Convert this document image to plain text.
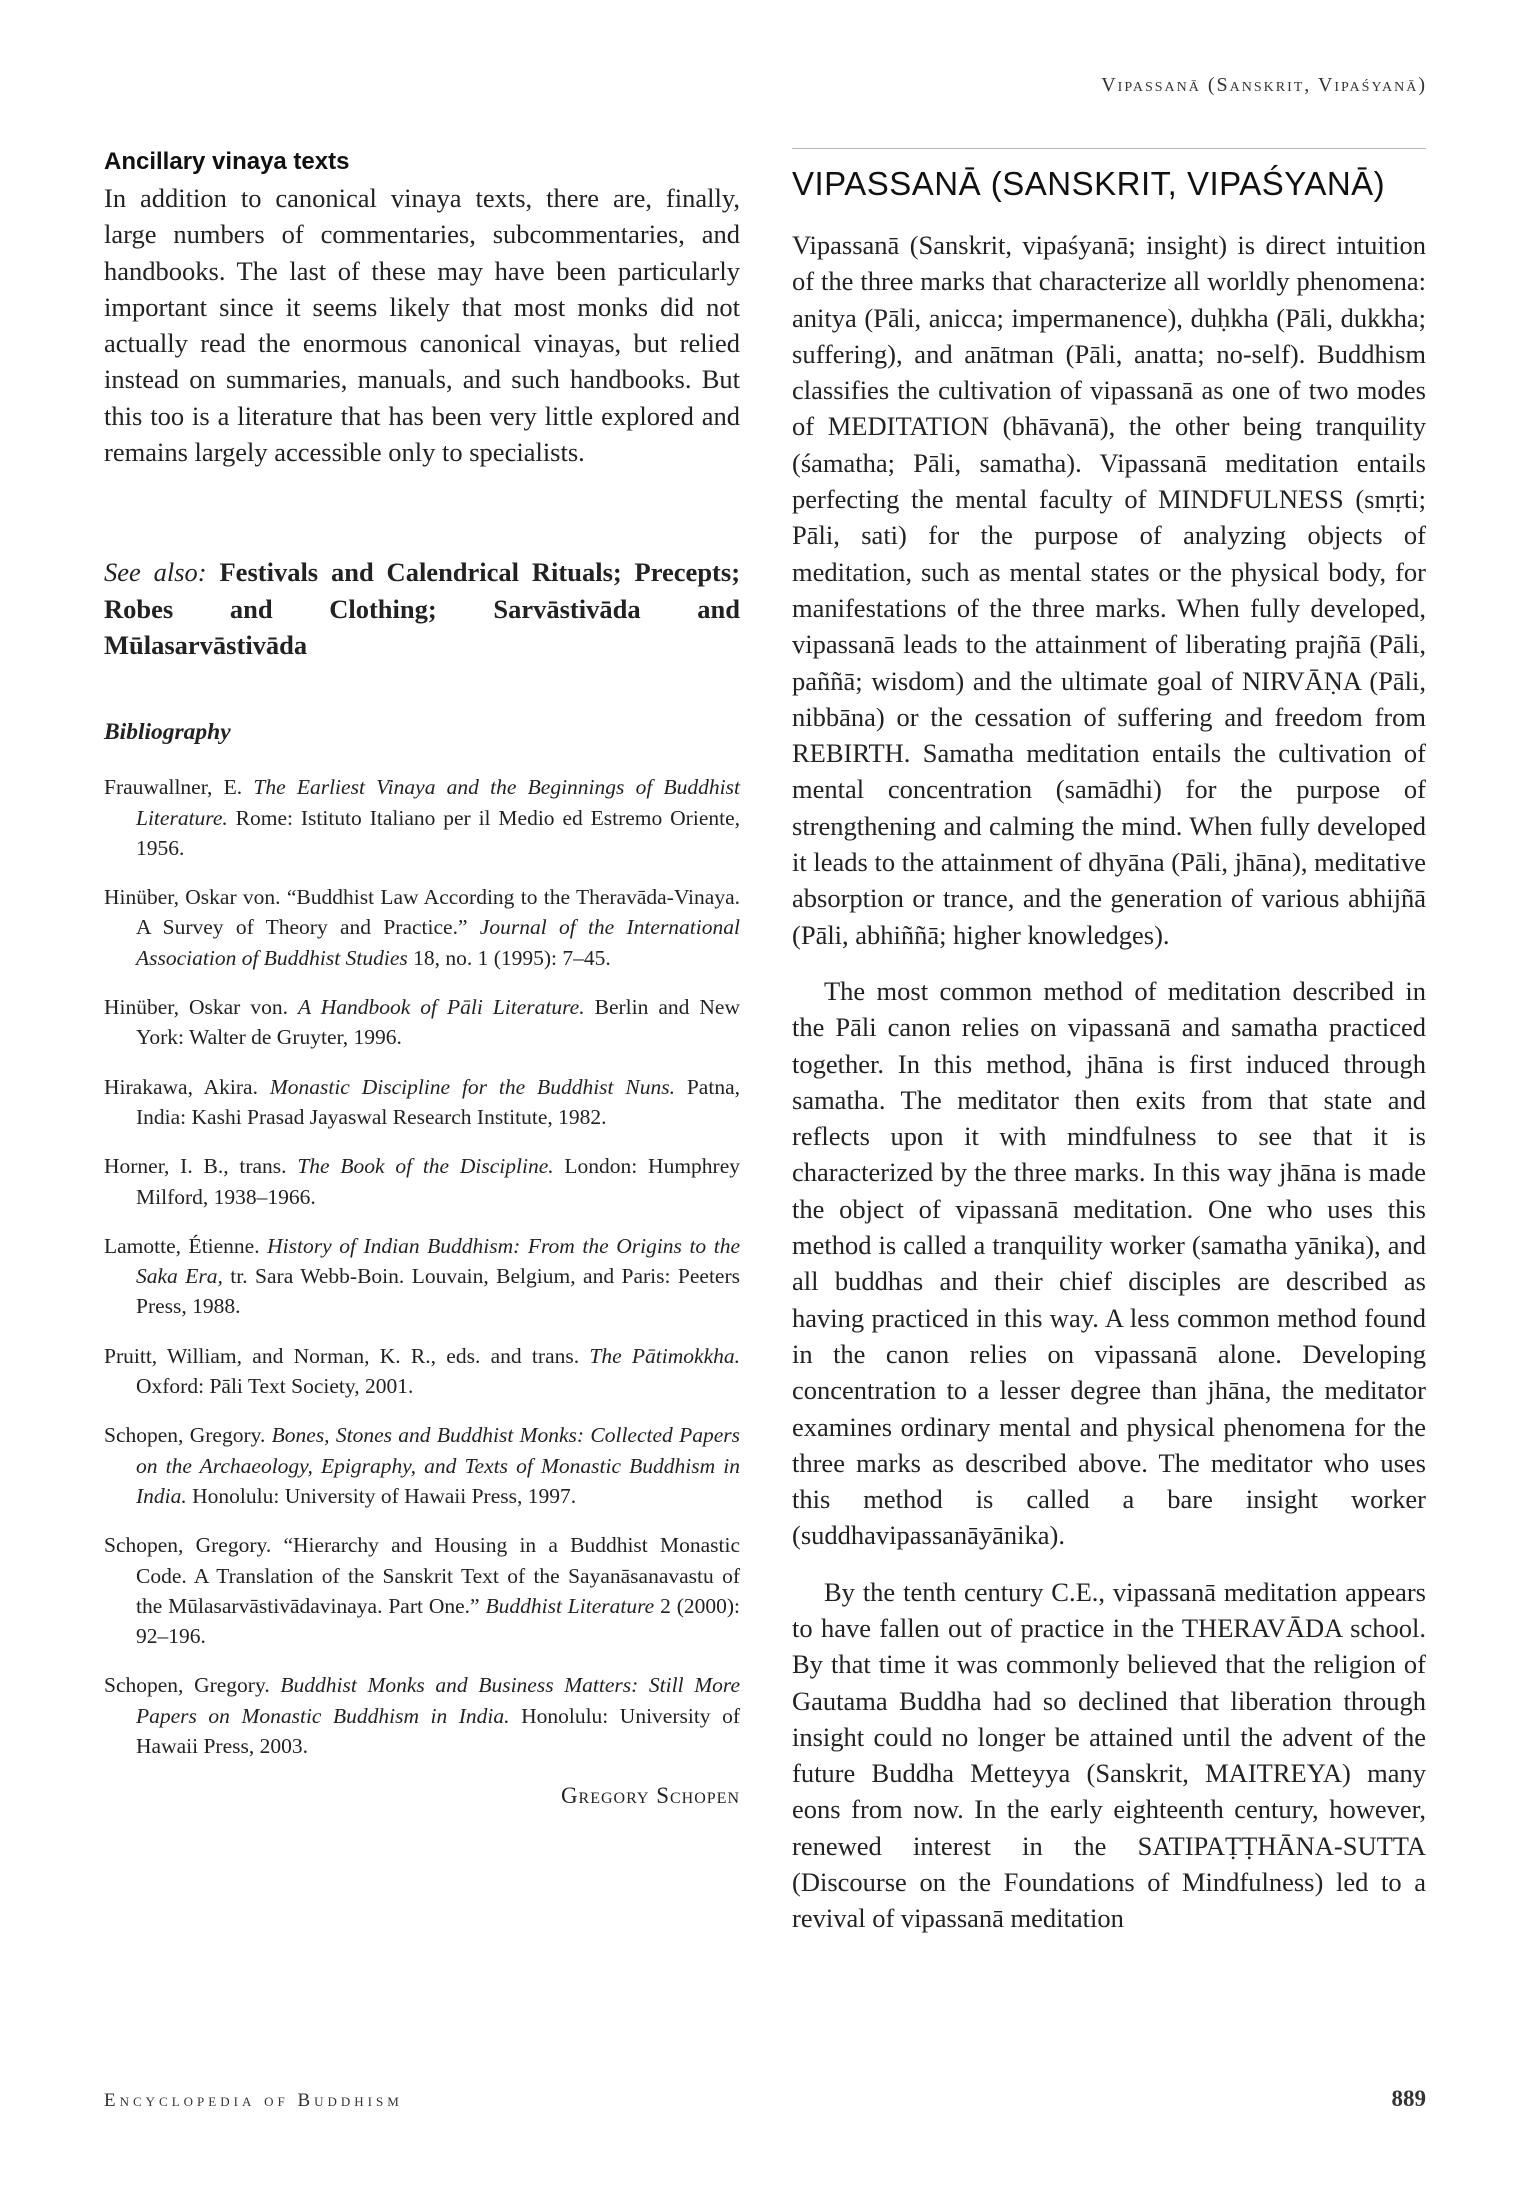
Vipassanā (Sanskrit, Vipaśyanā)
Ancillary vinaya texts

In addition to canonical vinaya texts, there are, finally, large numbers of commentaries, subcommentaries, and handbooks. The last of these may have been particularly important since it seems likely that most monks did not actually read the enormous canonical vinayas, but relied instead on summaries, manuals, and such handbooks. But this too is a literature that has been very little explored and remains largely accessible only to specialists.

See also: Festivals and Calendrical Rituals; Precepts; Robes and Clothing; Sarvāstivāda and Mūlasarvāstivāda

Bibliography

Frauwallner, E. The Earliest Vinaya and the Beginnings of Buddhist Literature. Rome: Istituto Italiano per il Medio ed Estremo Oriente, 1956.

Hinüber, Oskar von. “Buddhist Law According to the Theravāda-Vinaya. A Survey of Theory and Practice.” Journal of the International Association of Buddhist Studies 18, no. 1 (1995): 7–45.

Hinüber, Oskar von. A Handbook of Pāli Literature. Berlin and New York: Walter de Gruyter, 1996.

Hirakawa, Akira. Monastic Discipline for the Buddhist Nuns. Patna, India: Kashi Prasad Jayaswal Research Institute, 1982.

Horner, I. B., trans. The Book of the Discipline. London: Humphrey Milford, 1938–1966.

Lamotte, Étienne. History of Indian Buddhism: From the Origins to the Saka Era, tr. Sara Webb-Boin. Louvain, Belgium, and Paris: Peeters Press, 1988.

Pruitt, William, and Norman, K. R., eds. and trans. The Pātimokkha. Oxford: Pāli Text Society, 2001.

Schopen, Gregory. Bones, Stones and Buddhist Monks: Collected Papers on the Archaeology, Epigraphy, and Texts of Monastic Buddhism in India. Honolulu: University of Hawaii Press, 1997.

Schopen, Gregory. “Hierarchy and Housing in a Buddhist Monastic Code. A Translation of the Sanskrit Text of the Sayanāsanavastu of the Mūlasarvāstivādavinaya. Part One.” Buddhist Literature 2 (2000): 92–196.

Schopen, Gregory. Buddhist Monks and Business Matters: Still More Papers on Monastic Buddhism in India. Honolulu: University of Hawaii Press, 2003.

Gregory Schopen
VIPASSANĀ (SANSKRIT, VIPAŚYANĀ)

Vipassanā (Sanskrit, vipaśyanā; insight) is direct intuition of the three marks that characterize all worldly phenomena: anitya (Pāli, anicca; impermanence), duḥkha (Pāli, dukkha; suffering), and anātman (Pāli, anatta; no-self). Buddhism classifies the cultivation of vipassanā as one of two modes of MEDITATION (bhāvanā), the other being tranquility (śamatha; Pāli, samatha). Vipassanā meditation entails perfecting the mental faculty of MINDFULNESS (smṛti; Pāli, sati) for the purpose of analyzing objects of meditation, such as mental states or the physical body, for manifestations of the three marks. When fully developed, vipassanā leads to the attainment of liberating prajñā (Pāli, paññā; wisdom) and the ultimate goal of NIRVĀṆA (Pāli, nibbāna) or the cessation of suffering and freedom from REBIRTH. Samatha meditation entails the cultivation of mental concentration (samādhi) for the purpose of strengthening and calming the mind. When fully developed it leads to the attainment of dhyāna (Pāli, jhāna), meditative absorption or trance, and the generation of various abhijñā (Pāli, abhiññā; higher knowledges).

The most common method of meditation described in the Pāli canon relies on vipassanā and samatha practiced together. In this method, jhāna is first induced through samatha. The meditator then exits from that state and reflects upon it with mindfulness to see that it is characterized by the three marks. In this way jhāna is made the object of vipassanā meditation. One who uses this method is called a tranquility worker (samatha yānika), and all buddhas and their chief disciples are described as having practiced in this way. A less common method found in the canon relies on vipassanā alone. Developing concentration to a lesser degree than jhāna, the meditator examines ordinary mental and physical phenomena for the three marks as described above. The meditator who uses this method is called a bare insight worker (suddhavipassanāyānika).

By the tenth century C.E., vipassanā meditation appears to have fallen out of practice in the THERAVĀDA school. By that time it was commonly believed that the religion of Gautama Buddha had so declined that liberation through insight could no longer be attained until the advent of the future Buddha Metteyya (Sanskrit, MAITREYA) many eons from now. In the early eighteenth century, however, renewed interest in the SATIPAṬṬHĀNA-SUTTA (Discourse on the Foundations of Mindfulness) led to a revival of vipassanā meditation

Encyclopedia of Buddhism	889
